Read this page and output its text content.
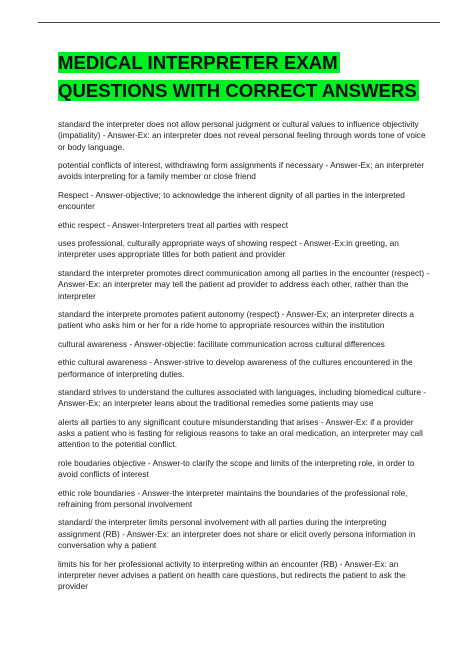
MEDICAL INTERPRETER EXAM QUESTIONS WITH CORRECT ANSWERS

standard the interpreter does not allow personal judgment or cultural values to influence objectivity (impatiality) - Answer-Ex: an interpreter does not reveal personal feeling through words tone of voice or body language.

potential conflicts of interest, withdrawing form assignments if necessary - Answer-Ex; an interpreter avoids interpreting for a family member or close friend

Respect - Answer-objective; to acknowledge the inherent dignity of all parties in the interpreted encounter

ethic respect - Answer-Interpreters treat all parties with respect

uses professional, culturally appropriate ways of showing respect - Answer-Ex:in greeting, an interpreter uses appropriate titles for both patient and provider

standard the interpreter promotes direct communication among all parties in the encounter (respect) - Answer-Ex: an interpreter may tell the patient ad provider to address each other, rather than the interpreter

standard the interprete promotes patient autonomy (respect) - Answer-Ex; an interpreter directs a patient who asks him or her for a ride home to appropriate resources within the institution

cultural awareness - Answer-objectie: facilitate communication across cultural differences

ethic cultural awareness - Answer-strive to develop awareness of the cultures encountered in the performance of interpreting duties.

standard strives to understand the cultures associated with languages, including biomedical culture - Answer-Ex: an interpreter leans about the traditional remedies some patients may use

alerts all parties to any significant couture misunderstanding that arises - Answer-Ex: if a provider asks a patient who is fasting for religious reasons to take an oral medication, an interpreter may call attention to the potential conflict.

role boudaries objective - Answer-to clarify the scope and limits of the interpreting role, in order to avoid conflicts of interest

ethic role boundaries - Answer-the interpreter maintains the boundaries of the professional role, refraining from personal involvement

standard/ the interpreter limits personal involvement with all parties during the interpreting assignment (RB) - Answer-Ex: an interpreter does not share or elicit overly persona information in conversation why a patient

limits his for her professional activity to interpreting within an encounter (RB) - Answer-Ex: an interpreter never advises a patient on health care questions, but redirects the patient to ask the provider
